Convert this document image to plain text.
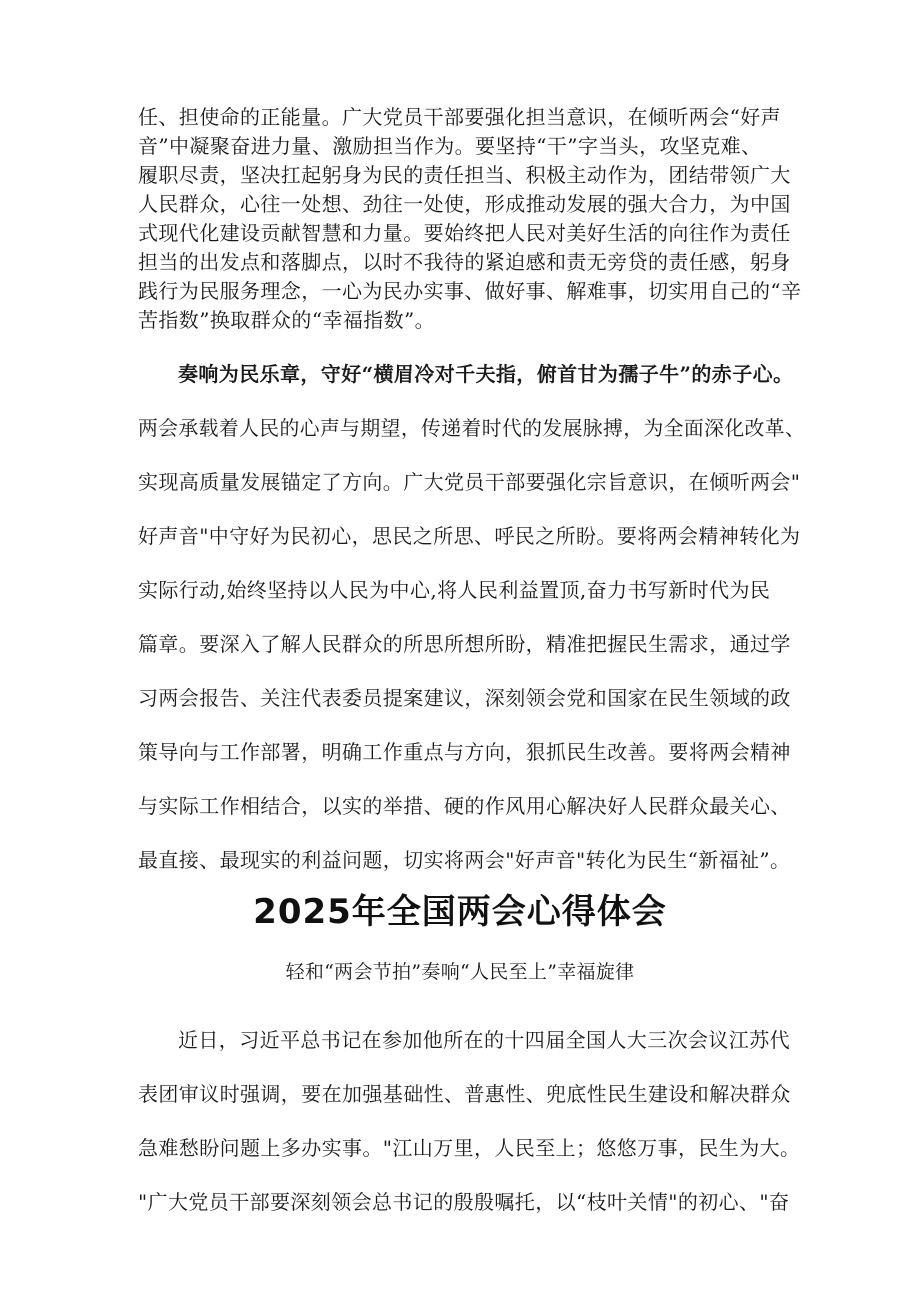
任、担使命的正能量。广大党员干部要强化担当意识，在倾听两会“好声
音”中凝聚奋进力量、激励担当作为。要坚持“干”字当头，攻坚克难、
履职尽责，坚决扛起躬身为民的责任担当、积极主动作为，团结带领广大
人民群众，心往一处想、劲往一处使，形成推动发展的强大合力，为中国
式现代化建设贡献智慧和力量。要始终把人民对美好生活的向往作为责任
担当的出发点和落脚点，以时不我待的紧迫感和责无旁贷的责任感，躬身
践行为民服务理念，一心为民办实事、做好事、解难事，切实用自己的“辛
苦指数”换取群众的“幸福指数”。
奏响为民乐章，守好“横眉冷对千夫指，俯首甘为孺子牛”的赤子心。
两会承载着人民的心声与期望，传递着时代的发展脉搏，为全面深化改革、
实现高质量发展锚定了方向。广大党员干部要强化宗旨意识，在倾听两会"
好声音"中守好为民初心，思民之所思、呼民之所盼。要将两会精神转化为
实际行动,始终坚持以人民为中心,将人民利益置顶,奋力书写新时代为民
篇章。要深入了解人民群众的所思所想所盼，精准把握民生需求，通过学
习两会报告、关注代表委员提案建议，深刻领会党和国家在民生领域的政
策导向与工作部署，明确工作重点与方向，狠抓民生改善。要将两会精神
与实际工作相结合，以实的举措、硬的作风用心解决好人民群众最关心、
最直接、最现实的利益问题，切实将两会"好声音"转化为民生“新福祉”。
2025年全国两会心得体会
轻和“两会节拍”奏响“人民至上”幸福旋律
近日，习近平总书记在参加他所在的十四届全国人大三次会议江苏代
表团审议时强调，要在加强基础性、普惠性、兜底性民生建设和解决群众
急难愁盼问题上多办实事。"江山万里，人民至上；悠悠万事，民生为大。
"广大党员干部要深刻领会总书记的殷殷嘱托，以“枝叶关情"的初心、"奋
